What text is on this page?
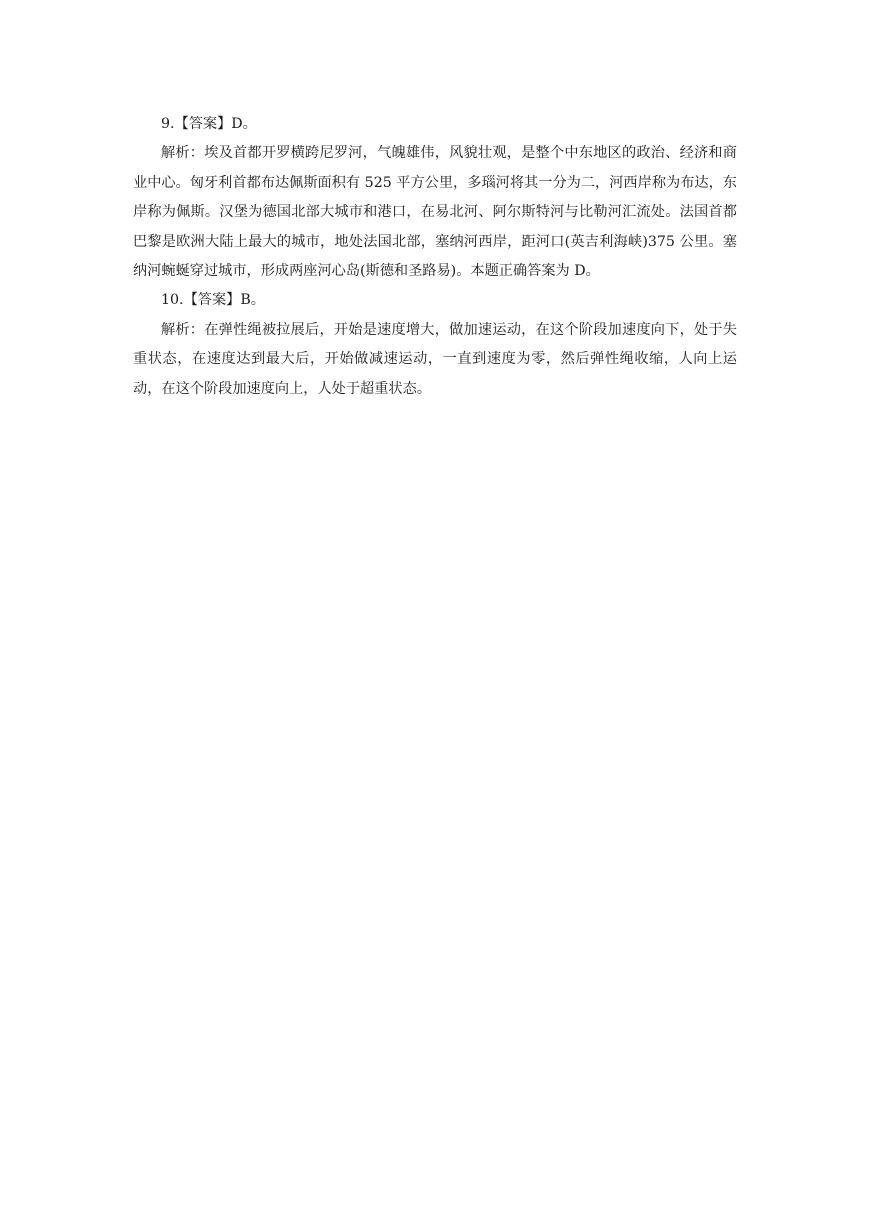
9.【答案】D。

解析：埃及首都开罗横跨尼罗河，气魄雄伟，风貌壮观，是整个中东地区的政治、经济和商业中心。匈牙利首都布达佩斯面积有 525 平方公里，多瑙河将其一分为二，河西岸称为布达，东岸称为佩斯。汉堡为德国北部大城市和港口，在易北河、阿尔斯特河与比勒河汇流处。法国首都巴黎是欧洲大陆上最大的城市，地处法国北部，塞纳河西岸，距河口(英吉利海峡)375 公里。塞纳河蜿蜒穿过城市，形成两座河心岛(斯德和圣路易)。本题正确答案为 D。

10.【答案】B。

解析：在弹性绳被拉展后，开始是速度增大，做加速运动，在这个阶段加速度向下，处于失重状态，在速度达到最大后，开始做减速运动，一直到速度为零，然后弹性绳收缩，人向上运动，在这个阶段加速度向上，人处于超重状态。
